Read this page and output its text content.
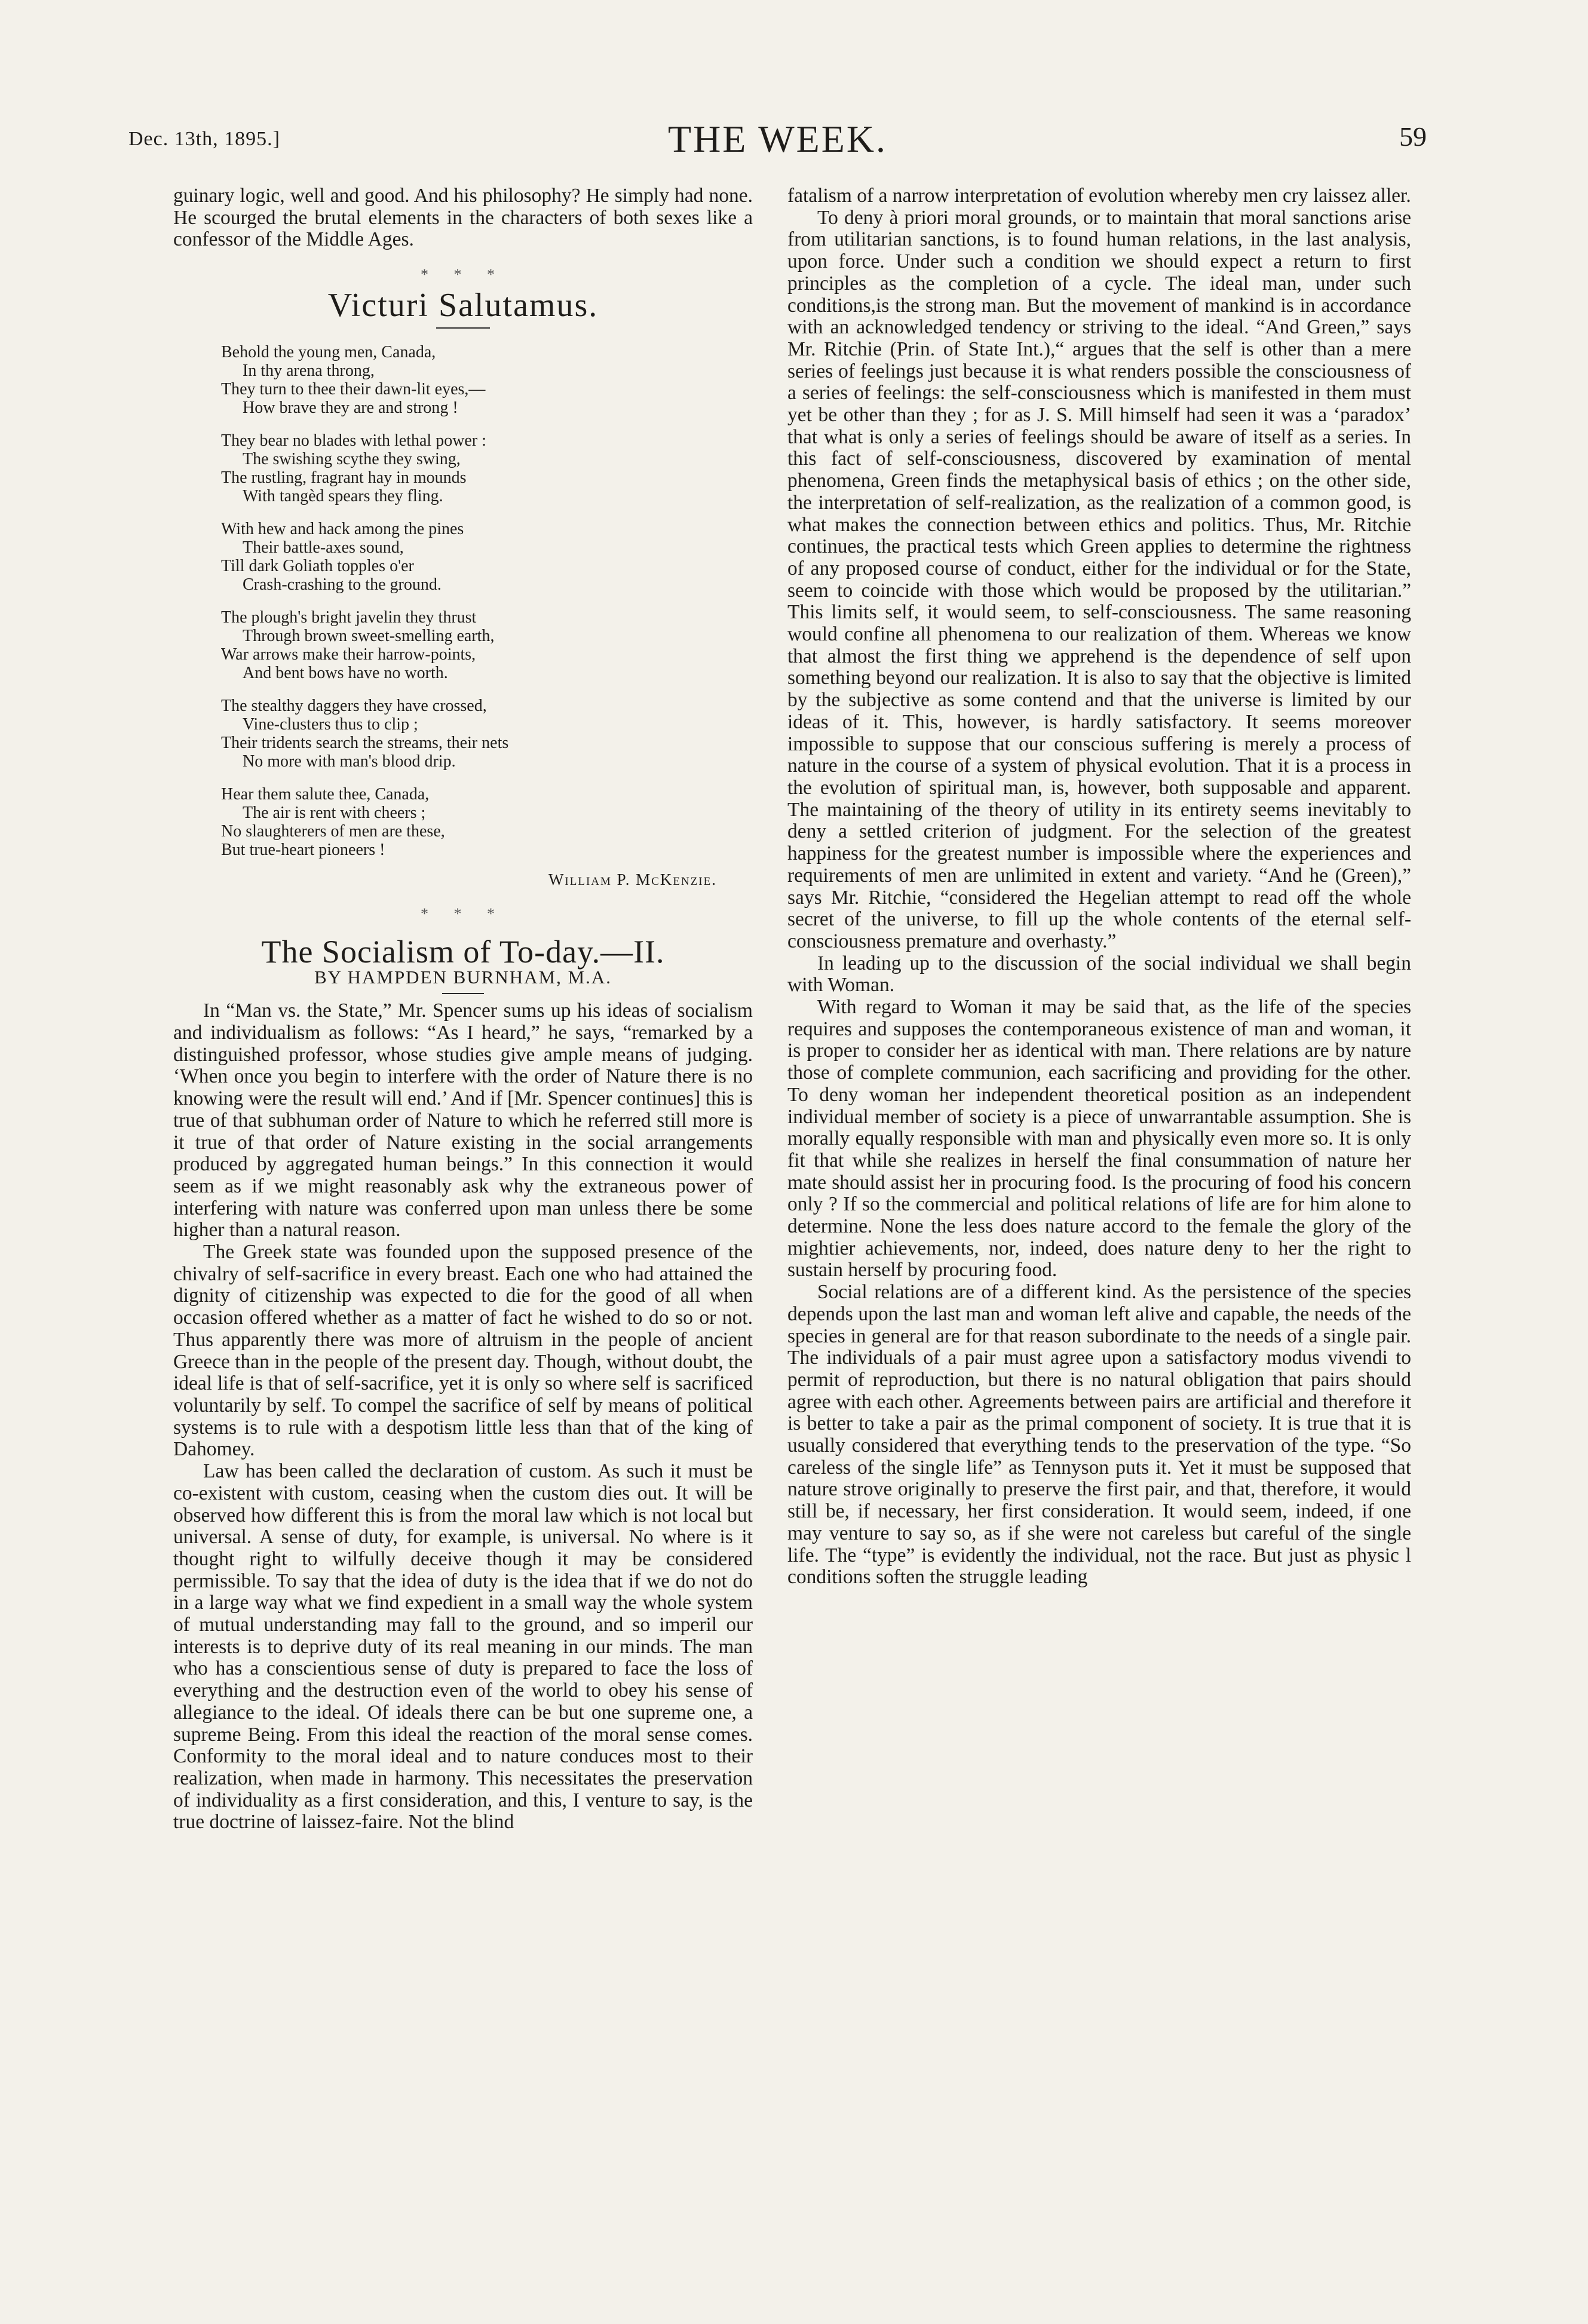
Dec. 13th, 1895.]	THE WEEK.	59

guinary logic, well and good. And his philosophy? He simply had none. He scourged the brutal elements in the characters of both sexes like a confessor of the Middle Ages.

* * *
Victuri Salutamus.
Behold the young men, Canada,
In thy arena throng,
They turn to thee their dawn-lit eyes,—
How brave they are and strong !
They bear no blades with lethal power :
The swishing scythe they swing,
The rustling, fragrant hay in mounds
With tangèd spears they fling.
With hew and hack among the pines
Their battle-axes sound,
Till dark Goliath topples o'er
Crash-crashing to the ground.
The plough's bright javelin they thrust
Through brown sweet-smelling earth,
War arrows make their harrow-points,
And bent bows have no worth.
The stealthy daggers they have crossed,
Vine-clusters thus to clip ;
Their tridents search the streams, their nets
No more with man's blood drip.
Hear them salute thee, Canada,
The air is rent with cheers ;
No slaughterers of men are these,
But true-heart pioneers !
William P. McKenzie.
* * *
The Socialism of To-day.—II.
BY HAMPDEN BURNHAM, M.A.

In “Man vs. the State,” Mr. Spencer sums up his ideas of socialism and individualism as follows: “As I heard,” he says, “remarked by a distinguished professor, whose studies give ample means of judging. ‘When once you begin to interfere with the order of Nature there is no knowing were the result will end.’ And if [Mr. Spencer continues] this is true of that subhuman order of Nature to which he referred still more is it true of that order of Nature existing in the social arrangements produced by aggregated human beings.” In this connection it would seem as if we might reasonably ask why the extraneous power of interfering with nature was conferred upon man unless there be some higher than a natural reason.

The Greek state was founded upon the supposed presence of the chivalry of self-sacrifice in every breast. Each one who had attained the dignity of citizenship was expected to die for the good of all when occasion offered whether as a matter of fact he wished to do so or not. Thus apparently there was more of altruism in the people of ancient Greece than in the people of the present day. Though, without doubt, the ideal life is that of self-sacrifice, yet it is only so where self is sacrificed voluntarily by self. To compel the sacrifice of self by means of political systems is to rule with a despotism little less than that of the king of Dahomey.

Law has been called the declaration of custom. As such it must be co-existent with custom, ceasing when the custom dies out. It will be observed how different this is from the moral law which is not local but universal. A sense of duty, for example, is universal. No where is it thought right to wilfully deceive though it may be considered permissible. To say that the idea of duty is the idea that if we do not do in a large way what we find expedient in a small way the whole system of mutual understanding may fall to the ground, and so imperil our interests is to deprive duty of its real meaning in our minds. The man who has a conscientious sense of duty is prepared to face the loss of everything and the destruction even of the world to obey his sense of allegiance to the ideal. Of ideals there can be but one supreme one, a supreme Being. From this ideal the reaction of the moral sense comes. Conformity to the moral ideal and to nature conduces most to their realization, when made in harmony. This necessitates the preservation of individuality as a first consideration, and this, I venture to say, is the true doctrine of laissez-faire. Not the blind

fatalism of a narrow interpretation of evolution whereby men cry laissez aller.

To deny à priori moral grounds, or to maintain that moral sanctions arise from utilitarian sanctions, is to found human relations, in the last analysis, upon force. Under such a condition we should expect a return to first principles as the completion of a cycle. The ideal man, under such conditions,is the strong man. But the movement of mankind is in accordance with an acknowledged tendency or striving to the ideal. “And Green,” says Mr. Ritchie (Prin. of State Int.),“ argues that the self is other than a mere series of feelings just because it is what renders possible the consciousness of a series of feelings: the self-consciousness which is manifested in them must yet be other than they ; for as J. S. Mill himself had seen it was a ‘paradox’ that what is only a series of feelings should be aware of itself as a series. In this fact of self-consciousness, discovered by examination of mental phenomena, Green finds the metaphysical basis of ethics ; on the other side, the interpretation of self-realization, as the realization of a common good, is what makes the connection between ethics and politics. Thus, Mr. Ritchie continues, the practical tests which Green applies to determine the rightness of any proposed course of conduct, either for the individual or for the State, seem to coincide with those which would be proposed by the utilitarian.” This limits self, it would seem, to self-consciousness. The same reasoning would confine all phenomena to our realization of them. Whereas we know that almost the first thing we apprehend is the dependence of self upon something beyond our realization. It is also to say that the objective is limited by the subjective as some contend and that the universe is limited by our ideas of it. This, however, is hardly satisfactory. It seems moreover impossible to suppose that our conscious suffering is merely a process of nature in the course of a system of physical evolution. That it is a process in the evolution of spiritual man, is, however, both supposable and apparent. The maintaining of the theory of utility in its entirety seems inevitably to deny a settled criterion of judgment. For the selection of the greatest happiness for the greatest number is impossible where the experiences and requirements of men are unlimited in extent and variety. “And he (Green),” says Mr. Ritchie, “considered the Hegelian attempt to read off the whole secret of the universe, to fill up the whole contents of the eternal self-consciousness premature and overhasty.”

In leading up to the discussion of the social individual we shall begin with Woman.

With regard to Woman it may be said that, as the life of the species requires and supposes the contemporaneous existence of man and woman, it is proper to consider her as identical with man. There relations are by nature those of complete communion, each sacrificing and providing for the other. To deny woman her independent theoretical position as an independent individual member of society is a piece of unwarrantable assumption. She is morally equally responsible with man and physically even more so. It is only fit that while she realizes in herself the final consummation of nature her mate should assist her in procuring food. Is the procuring of food his concern only ? If so the commercial and political relations of life are for him alone to determine. None the less does nature accord to the female the glory of the mightier achievements, nor, indeed, does nature deny to her the right to sustain herself by procuring food.

Social relations are of a different kind. As the persistence of the species depends upon the last man and woman left alive and capable, the needs of the species in general are for that reason subordinate to the needs of a single pair. The individuals of a pair must agree upon a satisfactory modus vivendi to permit of reproduction, but there is no natural obligation that pairs should agree with each other. Agreements between pairs are artificial and therefore it is better to take a pair as the primal component of society. It is true that it is usually considered that everything tends to the preservation of the type. “So careless of the single life” as Tennyson puts it. Yet it must be supposed that nature strove originally to preserve the first pair, and that, therefore, it would still be, if necessary, her first consideration. It would seem, indeed, if one may venture to say so, as if she were not careless but careful of the single life. The “type” is evidently the individual, not the race. But just as physic l conditions soften the struggle leading
